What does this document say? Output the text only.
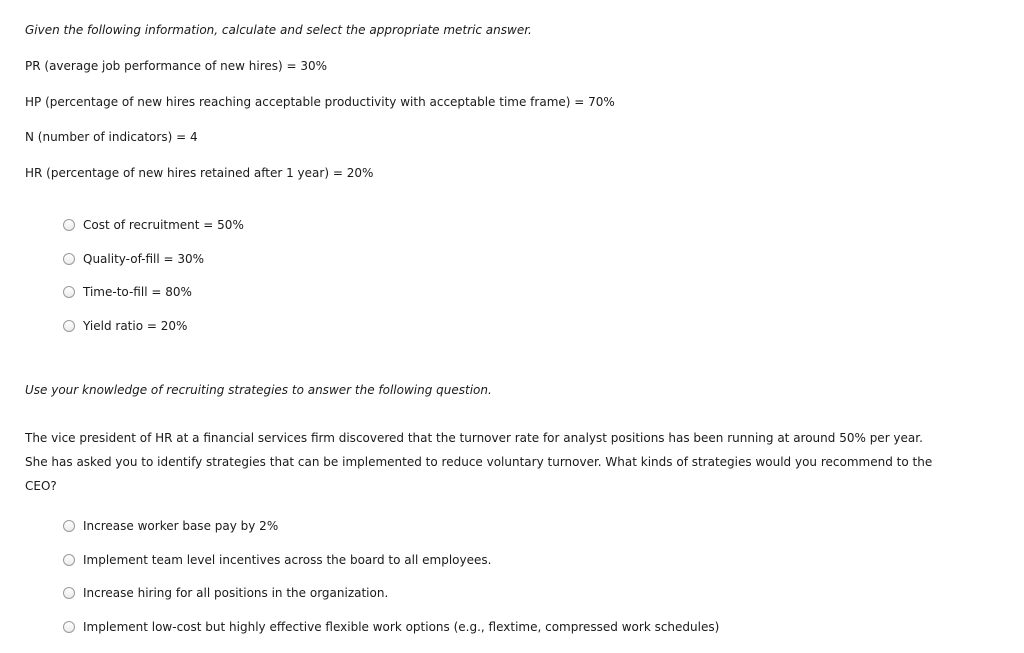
Given the following information, calculate and select the appropriate metric answer.
PR (average job performance of new hires) = 30%
HP (percentage of new hires reaching acceptable productivity with acceptable time frame) = 70%
N (number of indicators) = 4
HR (percentage of new hires retained after 1 year) = 20%
Cost of recruitment = 50%
Quality-of-fill = 30%
Time-to-fill = 80%
Yield ratio = 20%
Use your knowledge of recruiting strategies to answer the following question.
The vice president of HR at a financial services firm discovered that the turnover rate for analyst positions has been running at around 50% per year.
She has asked you to identify strategies that can be implemented to reduce voluntary turnover. What kinds of strategies would you recommend to the
CEO?
Increase worker base pay by 2%
Implement team level incentives across the board to all employees.
Increase hiring for all positions in the organization.
Implement low-cost but highly effective flexible work options (e.g., flextime, compressed work schedules)
